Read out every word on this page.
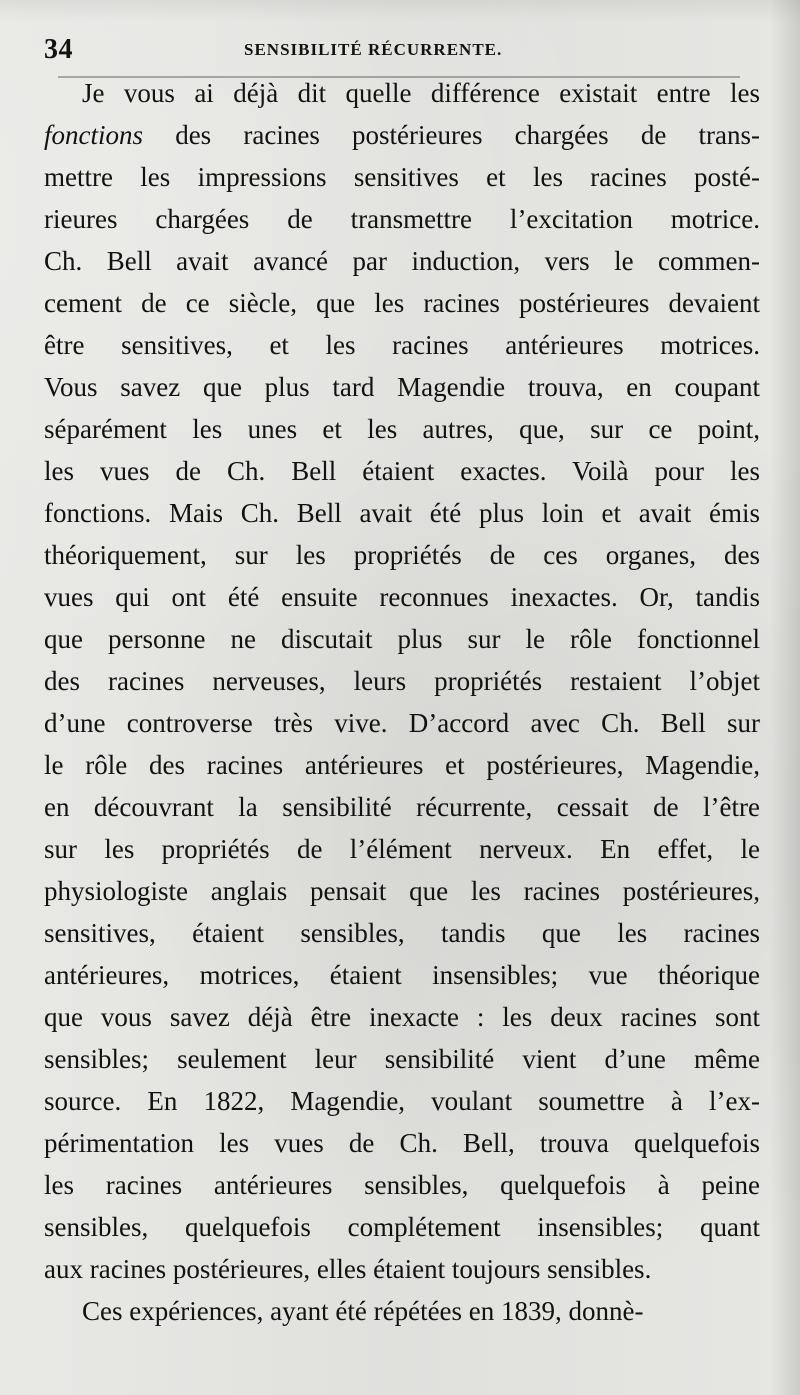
34	SENSIBILITÉ RÉCURRENTE.
Je vous ai déjà dit quelle différence existait entre les
fonctions des racines postérieures chargées de trans-
mettre les impressions sensitives et les racines posté-
rieures chargées de transmettre l’excitation motrice.
Ch. Bell avait avancé par induction, vers le commen-
cement de ce siècle, que les racines postérieures devaient
être sensitives, et les racines antérieures motrices.
Vous savez que plus tard Magendie trouva, en coupant
séparément les unes et les autres, que, sur ce point,
les vues de Ch. Bell étaient exactes. Voilà pour les
fonctions. Mais Ch. Bell avait été plus loin et avait émis
théoriquement, sur les propriétés de ces organes, des
vues qui ont été ensuite reconnues inexactes. Or, tandis
que personne ne discutait plus sur le rôle fonctionnel
des racines nerveuses, leurs propriétés restaient l’objet
d’une controverse très vive. D’accord avec Ch. Bell sur
le rôle des racines antérieures et postérieures, Magendie,
en découvrant la sensibilité récurrente, cessait de l’être
sur les propriétés de l’élément nerveux. En effet, le
physiologiste anglais pensait que les racines postérieures,
sensitives, étaient sensibles, tandis que les racines
antérieures, motrices, étaient insensibles; vue théorique
que vous savez déjà être inexacte : les deux racines sont
sensibles; seulement leur sensibilité vient d’une même
source. En 1822, Magendie, voulant soumettre à l’ex-
périmentation les vues de Ch. Bell, trouva quelquefois
les racines antérieures sensibles, quelquefois à peine
sensibles, quelquefois complétement insensibles; quant
aux racines postérieures, elles étaient toujours sensibles.
Ces expériences, ayant été répétées en 1839, donnè-
